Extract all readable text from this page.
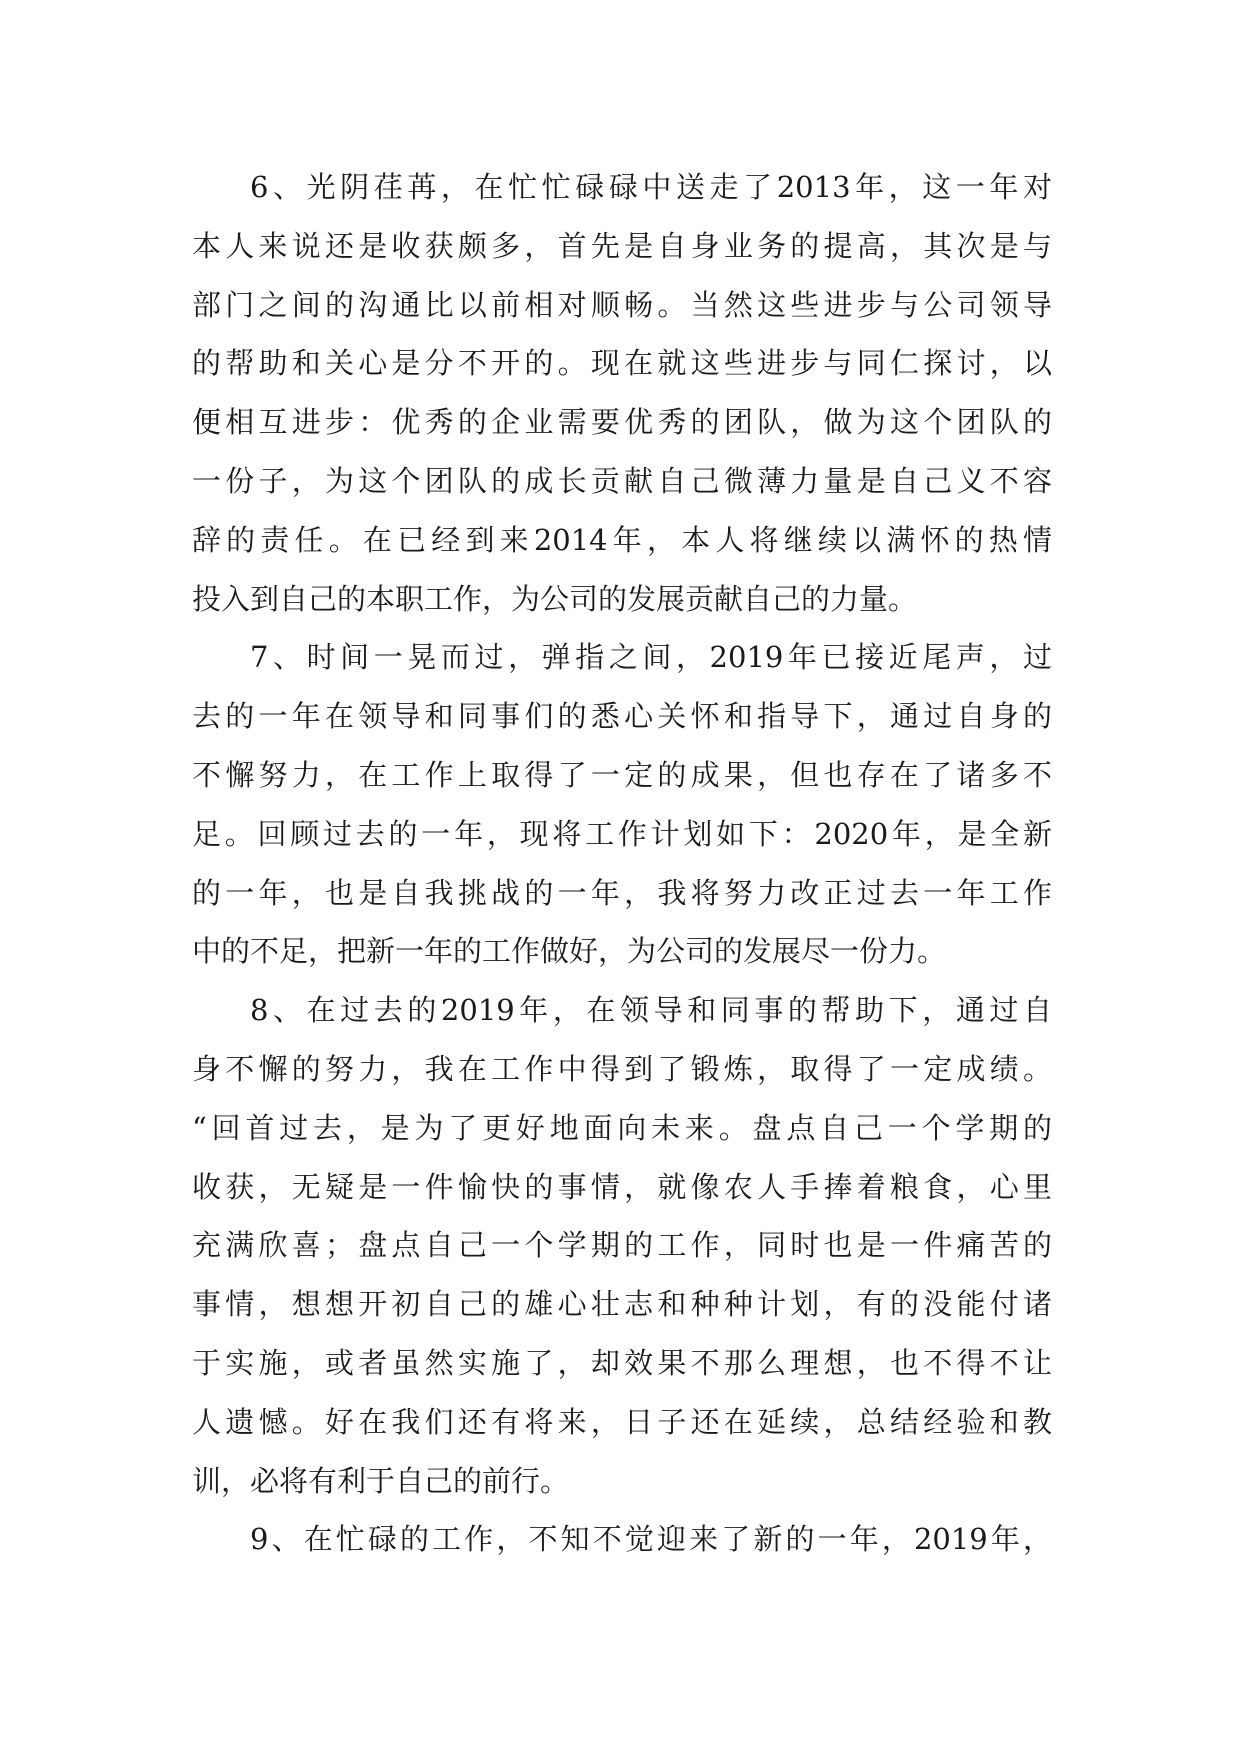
6、光阴荏苒，在忙忙碌碌中送走了2013年，这一年对
本人来说还是收获颇多，首先是自身业务的提高，其次是与
部门之间的沟通比以前相对顺畅。当然这些进步与公司领导
的帮助和关心是分不开的。现在就这些进步与同仁探讨，以
便相互进步：优秀的企业需要优秀的团队，做为这个团队的
一份子，为这个团队的成长贡献自己微薄力量是自己义不容
辞的责任。在已经到来2014年，本人将继续以满怀的热情
投入到自己的本职工作，为公司的发展贡献自己的力量。
7、时间一晃而过，弹指之间，2019年已接近尾声，过
去的一年在领导和同事们的悉心关怀和指导下，通过自身的
不懈努力，在工作上取得了一定的成果，但也存在了诸多不
足。回顾过去的一年，现将工作计划如下：2020年，是全新
的一年，也是自我挑战的一年，我将努力改正过去一年工作
中的不足，把新一年的工作做好，为公司的发展尽一份力。
8、在过去的2019年，在领导和同事的帮助下，通过自
身不懈的努力，我在工作中得到了锻炼，取得了一定成绩。
“回首过去，是为了更好地面向未来。盘点自己一个学期的
收获，无疑是一件愉快的事情，就像农人手捧着粮食，心里
充满欣喜；盘点自己一个学期的工作，同时也是一件痛苦的
事情，想想开初自己的雄心壮志和种种计划，有的没能付诸
于实施，或者虽然实施了，却效果不那么理想，也不得不让
人遗憾。好在我们还有将来，日子还在延续，总结经验和教
训，必将有利于自己的前行。
9、在忙碌的工作，不知不觉迎来了新的一年，2019年，
